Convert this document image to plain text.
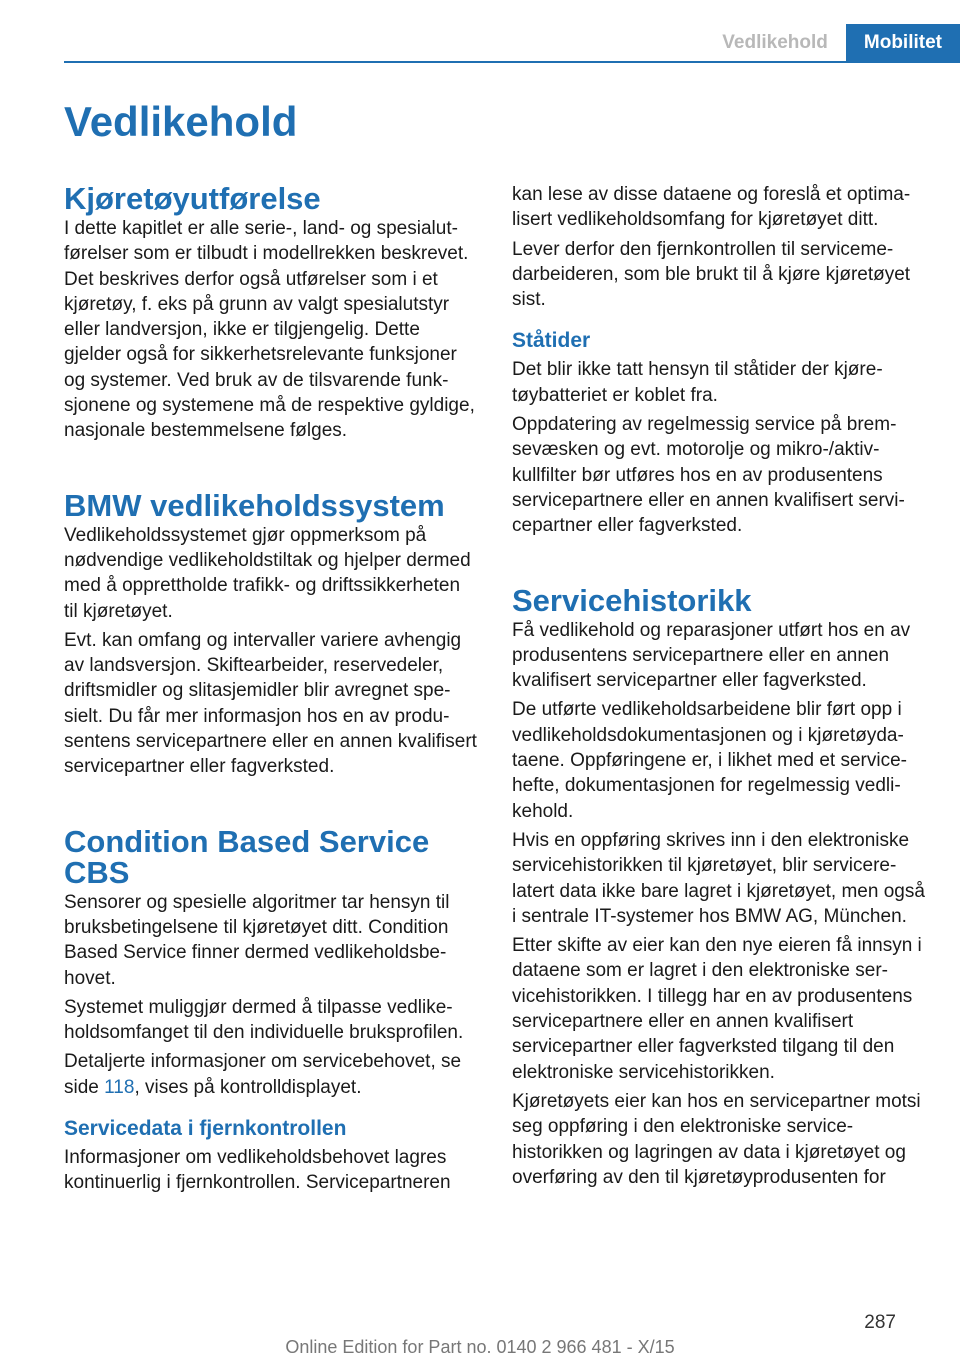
Vedlikehold	Mobilitet
Vedlikehold
Kjøretøyutførelse

I dette kapitlet er alle serie-, land- og spesialutførelser som er tilbudt i modellrekken beskrevet. Det beskrives derfor også utførelser som i et kjøretøy, f. eks på grunn av valgt spesialutstyr eller landversjon, ikke er tilgjengelig. Dette gjelder også for sikkerhetsrelevante funksjoner og systemer. Ved bruk av de tilsvarende funksjonene og systemene må de respektive gyldige, nasjonale bestemmelsene følges.

BMW vedlikeholdssystem

Vedlikeholdssystemet gjør oppmerksom på nødvendige vedlikeholdstiltak og hjelper dermed med å opprettholde trafikk- og driftssikkerheten til kjøretøyet.

Evt. kan omfang og intervaller variere avhengig av landsversjon. Skiftearbeider, reservedeler, driftsmidler og slitasjemidler blir avregnet spesielt. Du får mer informasjon hos en av produsentens servicepartnere eller en annen kvalifisert servicepartner eller fagverksted.

Condition Based Service CBS

Sensorer og spesielle algoritmer tar hensyn til bruksbetingelsene til kjøretøyet ditt. Condition Based Service finner dermed vedlikeholdsbehovet.

Systemet muliggjør dermed å tilpasse vedlikeholdsomfanget til den individuelle bruksprofilen.

Detaljerte informasjoner om servicebehovet, se side 118, vises på kontrolldisplayet.

Servicedata i fjernkontrollen

Informasjoner om vedlikeholdsbehovet lagres kontinuerlig i fjernkontrollen. Servicepartneren

kan lese av disse dataene og foreslå et optimalisert vedlikeholdsomfang for kjøretøyet ditt.

Lever derfor den fjernkontrollen til servicemedarbeideren, som ble brukt til å kjøre kjøretøyet sist.

Ståtider

Det blir ikke tatt hensyn til ståtider der kjøretøybatteriet er koblet fra.

Oppdatering av regelmessig service på bremsevæsken og evt. motorolje og mikro-/aktivkullfilter bør utføres hos en av produsentens servicepartnere eller en annen kvalifisert servicepartner eller fagverksted.

Servicehistorikk

Få vedlikehold og reparasjoner utført hos en av produsentens servicepartnere eller en annen kvalifisert servicepartner eller fagverksted.

De utførte vedlikeholdsarbeidene blir ført opp i vedlikeholdsdokumentasjonen og i kjøretøydataene. Oppføringene er, i likhet med et servicehefte, dokumentasjonen for regelmessig vedlikehold.

Hvis en oppføring skrives inn i den elektroniske servicehistorikken til kjøretøyet, blir servicerelatert data ikke bare lagret i kjøretøyet, men også i sentrale IT-systemer hos BMW AG, München.

Etter skifte av eier kan den nye eieren få innsyn i dataene som er lagret i den elektroniske servicehistorikken. I tillegg har en av produsentens servicepartnere eller en annen kvalifisert servicepartner eller fagverksted tilgang til den elektroniske servicehistorikken.

Kjøretøyets eier kan hos en servicepartner motsi seg oppføring i den elektroniske servicehistorikken og lagringen av data i kjøretøyet og overføring av den til kjøretøyprodusenten for

287
Online Edition for Part no. 0140 2 966 481 - X/15
